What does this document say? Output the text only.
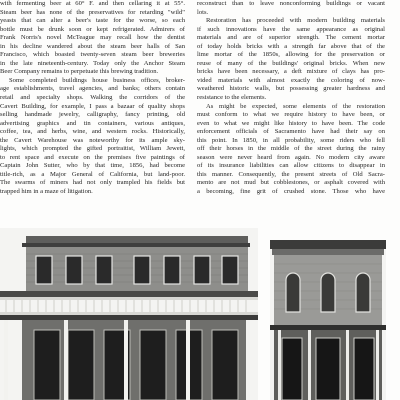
with fermenting beer at 60° F. and then cellaring it at 55°.
Steam beer has none of the preservatives for retarding "wild"
yeasts that can alter a beer's taste for the worse, so each
bottle must be drunk soon or kept refrigerated. Admirers of
Frank Norris's novel McTeague may recall how the dentist
in his decline wandered about the steam beer halls of San
Francisco, which boasted twenty-seven steam beer breweries
in the late nineteenth-century. Today only the Anchor Steam
Beer Company remains to perpetuate this brewing tradition.
Some completed buildings house business offices, broker-
age establishments, travel agencies, and banks; others contain
retail and specialty shops. Walking the corridors of the
Cavert Building, for example, I pass a bazaar of quality shops
selling handmade jewelry, calligraphy, fancy printing, old
advertising graphics and tin containers, various antiques,
coffee, tea, and herbs, wine, and western rocks. Historically,
the Cavert Warehouse was noteworthy for its ample sky-
lights, which prompted the gifted portraitist, William Jewett,
to rent space and execute on the premises five paintings of
Captain John Sutter, who by that time, 1856, had become
title-rich, as a Major General of California, but land-poor.
The swarms of miners had not only trampled his fields but
trapped him in a maze of litigation.
reconstruct than to leave nonconforming buildings or vacant
lots.
Restoration has proceeded with modern building materials
if such innovations have the same appearance as original
materials and are of superior strength. The cement mortar
of today holds bricks with a strength far above that of the
lime mortar of the 1850s, allowing for the preservation or
reuse of many of the buildings' original bricks. When new
bricks have been necessary, a deft mixture of clays has pro-
vided materials with almost exactly the coloring of now-
weathered historic walls, but possessing greater hardness and
resistance to the elements.
As might be expected, some elements of the restoration
must conform to what we require history to have been, or
even to what we might like history to have been. The code
enforcement officials of Sacramento have had their say on
this point. In 1850, in all probability, some riders who fell
off their horses in the middle of the street during the rainy
season were never heard from again. No modern city aware
of its insurance liabilities can allow citizens to disappear in
this manner. Consequently, the present streets of Old Sacra-
mento are not mud but cobblestones, or asphalt covered with
a becoming, fine grit of crushed stone. Those who have
